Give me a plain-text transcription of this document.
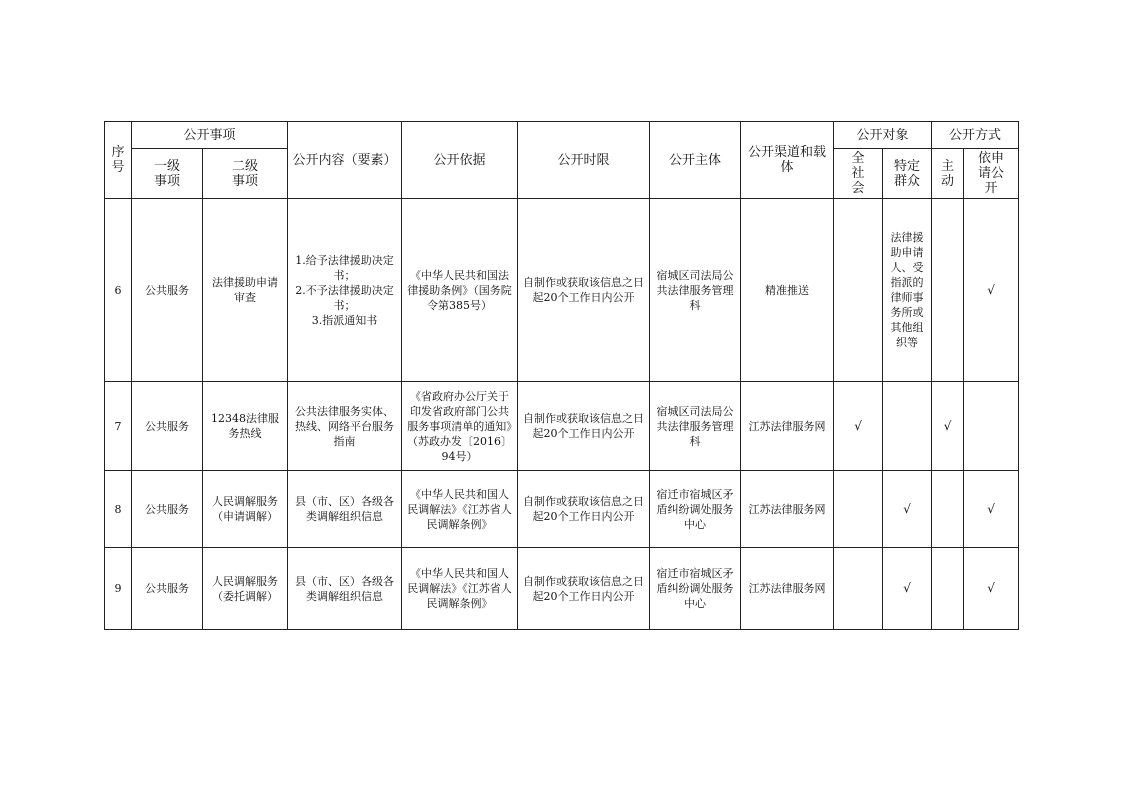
序号	公开事项		公开内容（要素）	公开依据	公开时限	公开主体	公开渠道和载体	公开对象		公开方式	
	一级事项	二级事项						全社会	特定群众	主动	依申请公开
6	公共服务	法律援助申请审查	1.给予法律援助决定书；
2.不予法律援助决定书；
3.指派通知书	《中华人民共和国法律援助条例》（国务院令第385号）	自制作或获取该信息之日起20个工作日内公开	宿城区司法局公共法律服务管理科	精准推送		法律援助申请人、受指派的律师事务所或其他组织等		√
7	公共服务	12348法律服务热线	公共法律服务实体、热线、网络平台服务指南	《省政府办公厅关于印发省政府部门公共服务事项清单的通知》（苏政办发〔2016〕94号）	自制作或获取该信息之日起20个工作日内公开	宿城区司法局公共法律服务管理科	江苏法律服务网	√		√	
8	公共服务	人民调解服务（申请调解）	县（市、区）各级各类调解组织信息	《中华人民共和国人民调解法》《江苏省人民调解条例》	自制作或获取该信息之日起20个工作日内公开	宿迁市宿城区矛盾纠纷调处服务中心	江苏法律服务网		√		√
9	公共服务	人民调解服务（委托调解）	县（市、区）各级各类调解组织信息	《中华人民共和国人民调解法》《江苏省人民调解条例》	自制作或获取该信息之日起20个工作日内公开	宿迁市宿城区矛盾纠纷调处服务中心	江苏法律服务网		√		√
